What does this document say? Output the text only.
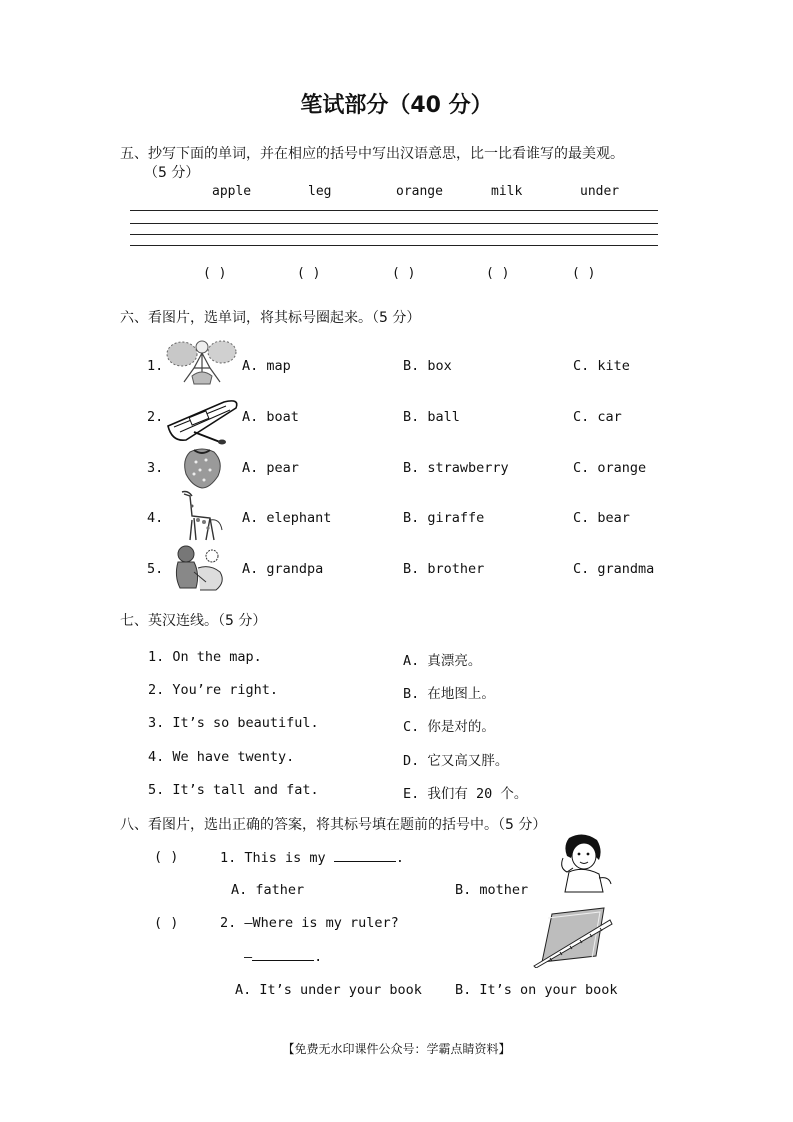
笔试部分（40 分）
五、抄写下面的单词，并在相应的括号中写出汉语意思，比一比看谁写的最美观。
（5 分）
apple	leg	orange	milk	under
( )	( )	( )	( )	( )
六、看图片，选单词，将其标号圈起来。（5 分）
1.	A. map	B. box	C. kite
2.	A. boat	B. ball	C. car
3.	A. pear	B. strawberry	C. orange
4.	A. elephant	B. giraffe	C. bear
5.	A. grandpa	B. brother	C. grandma
七、英汉连线。（5 分）
1. On the map.	A. 真漂亮。
2. You’re right.	B. 在地图上。
3. It’s so beautiful.	C. 你是对的。
4. We have twenty.	D. 它又高又胖。
5. It’s tall and fat.	E. 我们有 20 个。
八、看图片，选出正确的答案，将其标号填在题前的括号中。（5 分）
( )	1. This is my	.
A. father	B. mother
( )	2. —Where is my ruler?
—	.
A. It’s under your book B. It’s on your book
【免费无水印课件公众号：学霸点睛资料】
